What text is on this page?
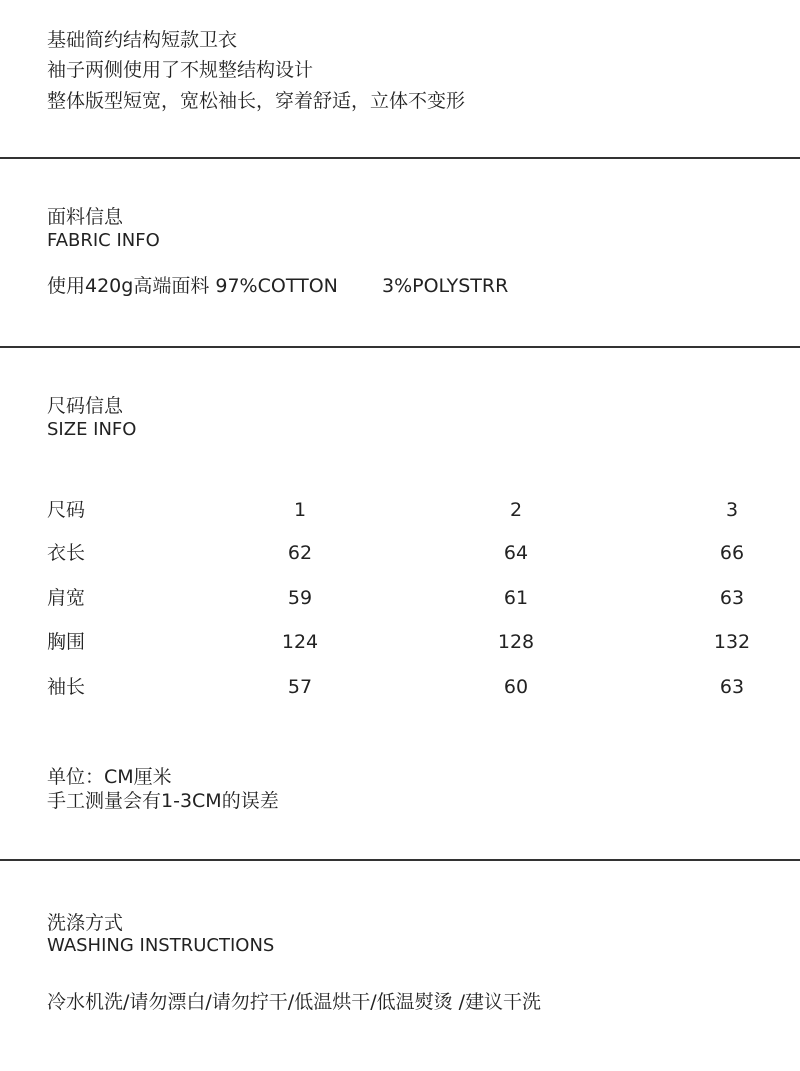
基础简约结构短款卫衣
袖子两侧使用了不规整结构设计
整体版型短宽，宽松袖长，穿着舒适，立体不变形
面料信息
FABRIC INFO
使用420g高端面料 97%COTTON 3%POLYSTRR
尺码信息
SIZE INFO
尺码	1	2	3
衣长	62	64	66
肩宽	59	61	63
胸围	124	128	132
袖长	57	60	63
单位：CM厘米
手工测量会有1-3CM的误差
洗涤方式
WASHING INSTRUCTIONS
冷水机洗/请勿漂白/请勿拧干/低温烘干/低温熨烫 /建议干洗
